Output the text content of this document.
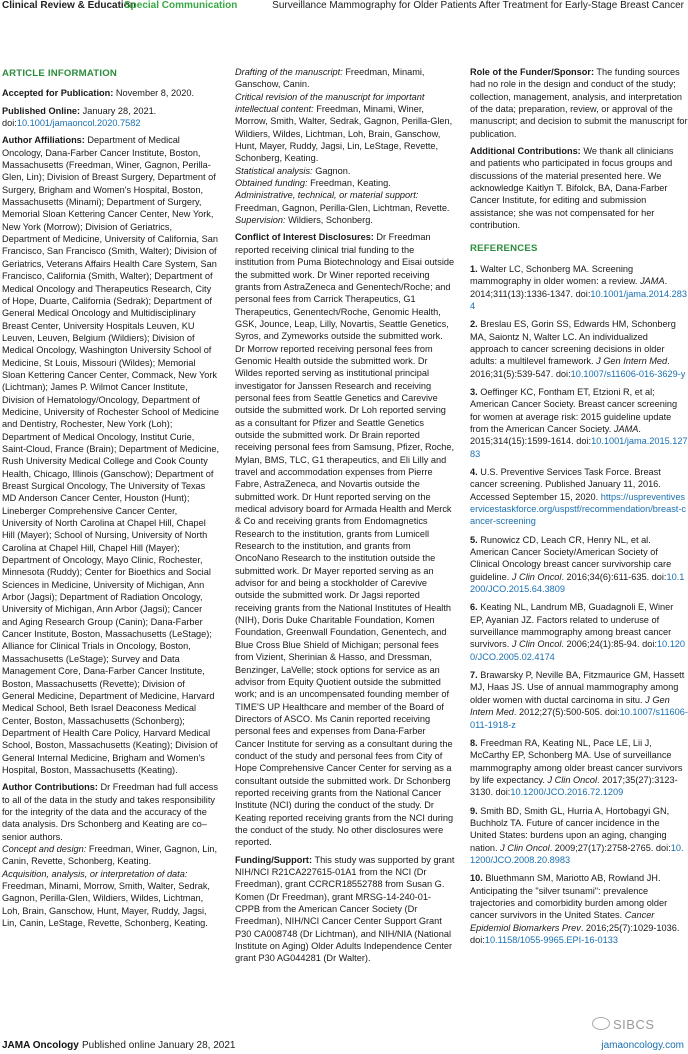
Clinical Review & Education
Special Communication	Surveillance Mammography for Older Patients After Treatment for Early-Stage Breast Cancer
ARTICLE INFORMATION

Accepted for Publication: November 8, 2020.

Published Online: January 28, 2021.
doi:10.1001/jamaoncol.2020.7582

Author Affiliations: Department of Medical Oncology, Dana-Farber Cancer Institute, Boston, Massachusetts (Freedman, Winer, Gagnon, Perilla-Glen, Lin); Division of Breast Surgery, Department of Surgery, Brigham and Women's Hospital, Boston, Massachusetts (Minami); Department of Surgery, Memorial Sloan Kettering Cancer Center, New York, New York (Morrow); Division of Geriatrics, Department of Medicine, University of California, San Francisco, San Francisco (Smith, Walter); Division of Geriatrics, Veterans Affairs Health Care System, San Francisco, California (Smith, Walter); Department of Medical Oncology and Therapeutics Research, City of Hope, Duarte, California (Sedrak); Department of General Medical Oncology and Multidisciplinary Breast Center, University Hospitals Leuven, KU Leuven, Leuven, Belgium (Wildiers); Division of Medical Oncology, Washington University School of Medicine, St Louis, Missouri (Wildes); Memorial Sloan Kettering Cancer Center, Commack, New York (Lichtman); James P. Wilmot Cancer Institute, Division of Hematology/Oncology, Department of Medicine, University of Rochester School of Medicine and Dentistry, Rochester, New York (Loh); Department of Medical Oncology, Institut Curie, Saint-Cloud, France (Brain); Department of Medicine, Rush University Medical College and Cook County Health, Chicago, Illinois (Ganschow); Department of Breast Surgical Oncology, The University of Texas MD Anderson Cancer Center, Houston (Hunt); Lineberger Comprehensive Cancer Center, University of North Carolina at Chapel Hill, Chapel Hill (Mayer); School of Nursing, University of North Carolina at Chapel Hill, Chapel Hill (Mayer); Department of Oncology, Mayo Clinic, Rochester, Minnesota (Ruddy); Center for Bioethics and Social Sciences in Medicine, University of Michigan, Ann Arbor (Jagsi); Department of Radiation Oncology, University of Michigan, Ann Arbor (Jagsi); Cancer and Aging Research Group (Canin); Dana-Farber Cancer Institute, Boston, Massachusetts (LeStage); Alliance for Clinical Trials in Oncology, Boston, Massachusetts (LeStage); Survey and Data Management Core, Dana-Farber Cancer Institute, Boston, Massachusetts (Revette); Division of General Medicine, Department of Medicine, Harvard Medical School, Beth Israel Deaconess Medical Center, Boston, Massachusetts (Schonberg); Department of Health Care Policy, Harvard Medical School, Boston, Massachusetts (Keating); Division of General Internal Medicine, Brigham and Women's Hospital, Boston, Massachusetts (Keating).

Author Contributions: Dr Freedman had full access to all of the data in the study and takes responsibility for the integrity of the data and the accuracy of the data analysis. Drs Schonberg and Keating are co–senior authors.

Concept and design: Freedman, Winer, Gagnon, Lin, Canin, Revette, Schonberg, Keating.
Acquisition, analysis, or interpretation of data: Freedman, Minami, Morrow, Smith, Walter, Sedrak, Gagnon, Perilla-Glen, Wildiers, Wildes, Lichtman, Loh, Brain, Ganschow, Hunt, Mayer, Ruddy, Jagsi, Lin, Canin, LeStage, Revette, Schonberg, Keating.
Drafting of the manuscript: Freedman, Minami, Ganschow, Canin.
Critical revision of the manuscript for important intellectual content: Freedman, Minami, Winer, Morrow, Smith, Walter, Sedrak, Gagnon, Perilla-Glen, Wildiers, Wildes, Lichtman, Loh, Brain, Ganschow, Hunt, Mayer, Ruddy, Jagsi, Lin, LeStage, Revette, Schonberg, Keating.
Statistical analysis: Gagnon.
Obtained funding: Freedman, Keating.
Administrative, technical, or material support: Freedman, Gagnon, Perilla-Glen, Lichtman, Revette.

Supervision: Wildiers, Schonberg.

Conflict of Interest Disclosures: Dr Freedman reported receiving clinical trial funding to the institution from Puma Biotechnology and Eisai outside the submitted work. Dr Winer reported receiving grants from AstraZeneca and Genentech/Roche; and personal fees from Carrick Therapeutics, G1 Therapeutics, Genentech/Roche, Genomic Health, GSK, Jounce, Leap, Lilly, Novartis, Seattle Genetics, Syros, and Zymeworks outside the submitted work. Dr Morrow reported receiving personal fees from Genomic Health outside the submitted work. Dr Wildes reported serving as institutional principal investigator for Janssen Research and receiving personal fees from Seattle Genetics and Carevive outside the submitted work. Dr Loh reported serving as a consultant for Pfizer and Seattle Genetics outside the submitted work. Dr Brain reported receiving personal fees from Samsung, Pfizer, Roche, Mylan, BMS, TLC, G1 therapeutics, and Eli Lilly and travel and accommodation expenses from Pierre Fabre, AstraZeneca, and Novartis outside the submitted work. Dr Hunt reported serving on the medical advisory board for Armada Health and Merck & Co and receiving grants from Endomagnetics Research to the institution, grants from Lumicell Research to the institution, and grants from OncoNano Research to the institution outside the submitted work. Dr Mayer reported serving as an advisor for and being a stockholder of Carevive outside the submitted work. Dr Jagsi reported receiving grants from the National Institutes of Health (NIH), Doris Duke Charitable Foundation, Komen Foundation, Greenwall Foundation, Genentech, and Blue Cross Blue Shield of Michigan; personal fees from Vizient, Sherinian & Hasso, and Dressman, Benzinger, LaVelle; stock options for service as an advisor from Equity Quotient outside the submitted work; and is an uncompensated founding member of TIME'S UP Healthcare and member of the Board of Directors of ASCO. Ms Canin reported receiving personal fees and expenses from Dana-Farber Cancer Institute for serving as a consultant during the conduct of the study and personal fees from City of Hope Comprehensive Cancer Center for serving as a consultant outside the submitted work. Dr Schonberg reported receiving grants from the National Cancer Institute (NCI) during the conduct of the study. Dr Keating reported receiving grants from the NCI during the conduct of the study. No other disclosures were reported.

Funding/Support: This study was supported by grant NIH/NCI R21CA227615-01A1 from the NCI (Dr Freedman), grant CCRCR18552788 from Susan G. Komen (Dr Freedman), grant MRSG-14-240-01-CPPB from the American Cancer Society (Dr Freedman), NIH/NCI Cancer Center Support Grant P30 CA008748 (Dr Lichtman), and NIH/NIA (National Institute on Aging) Older Adults Independence Center grant P30 AG044281 (Dr Walter).

Role of the Funder/Sponsor: The funding sources had no role in the design and conduct of the study; collection, management, analysis, and interpretation of the data; preparation, review, or approval of the manuscript; and decision to submit the manuscript for publication.

Additional Contributions: We thank all clinicians and patients who participated in focus groups and discussions of the material presented here. We acknowledge Kaitlyn T. Bifolck, BA, Dana-Farber Cancer Institute, for editing and submission assistance; she was not compensated for her contribution.

REFERENCES

1. Walter LC, Schonberg MA. Screening mammography in older women: a review. JAMA. 2014;311(13):1336-1347. doi:10.1001/jama.2014.2834

2. Breslau ES, Gorin SS, Edwards HM, Schonberg MA, Saiontz N, Walter LC. An individualized approach to cancer screening decisions in older adults: a multilevel framework. J Gen Intern Med. 2016;31(5):539-547. doi:10.1007/s11606-016-3629-y

3. Oeffinger KC, Fontham ET, Etzioni R, et al; American Cancer Society. Breast cancer screening for women at average risk: 2015 guideline update from the American Cancer Society. JAMA. 2015;314(15):1599-1614. doi:10.1001/jama.2015.12783

4. U.S. Preventive Services Task Force. Breast cancer screening. Published January 11, 2016. Accessed September 15, 2020. https://uspreventiveservicestaskforce.org/uspstf/recommendation/breast-cancer-screening

5. Runowicz CD, Leach CR, Henry NL, et al. American Cancer Society/American Society of Clinical Oncology breast cancer survivorship care guideline. J Clin Oncol. 2016;34(6):611-635. doi:10.1200/JCO.2015.64.3809

6. Keating NL, Landrum MB, Guadagnoli E, Winer EP, Ayanian JZ. Factors related to underuse of surveillance mammography among breast cancer survivors. J Clin Oncol. 2006;24(1):85-94. doi:10.1200/JCO.2005.02.4174

7. Brawarsky P, Neville BA, Fitzmaurice GM, Hassett MJ, Haas JS. Use of annual mammography among older women with ductal carcinoma in situ. J Gen Intern Med. 2012;27(5):500-505. doi:10.1007/s11606-011-1918-z

8. Freedman RA, Keating NL, Pace LE, Lii J, McCarthy EP, Schonberg MA. Use of surveillance mammography among older breast cancer survivors by life expectancy. J Clin Oncol. 2017;35(27):3123-3130. doi:10.1200/JCO.2016.72.1209

9. Smith BD, Smith GL, Hurria A, Hortobagyi GN, Buchholz TA. Future of cancer incidence in the United States: burdens upon an aging, changing nation. J Clin Oncol. 2009;27(17):2758-2765. doi:10.1200/JCO.2008.20.8983

10. Bluethmann SM, Mariotto AB, Rowland JH. Anticipating the "silver tsunami": prevalence trajectories and comorbidity burden among older cancer survivors in the United States. Cancer Epidemiol Biomarkers Prev. 2016;25(7):1029-1036. doi:10.1158/1055-9965.EPI-16-0133

SIBCS
JAMA Oncology Published online January 28, 2021	jamaoncology.com
